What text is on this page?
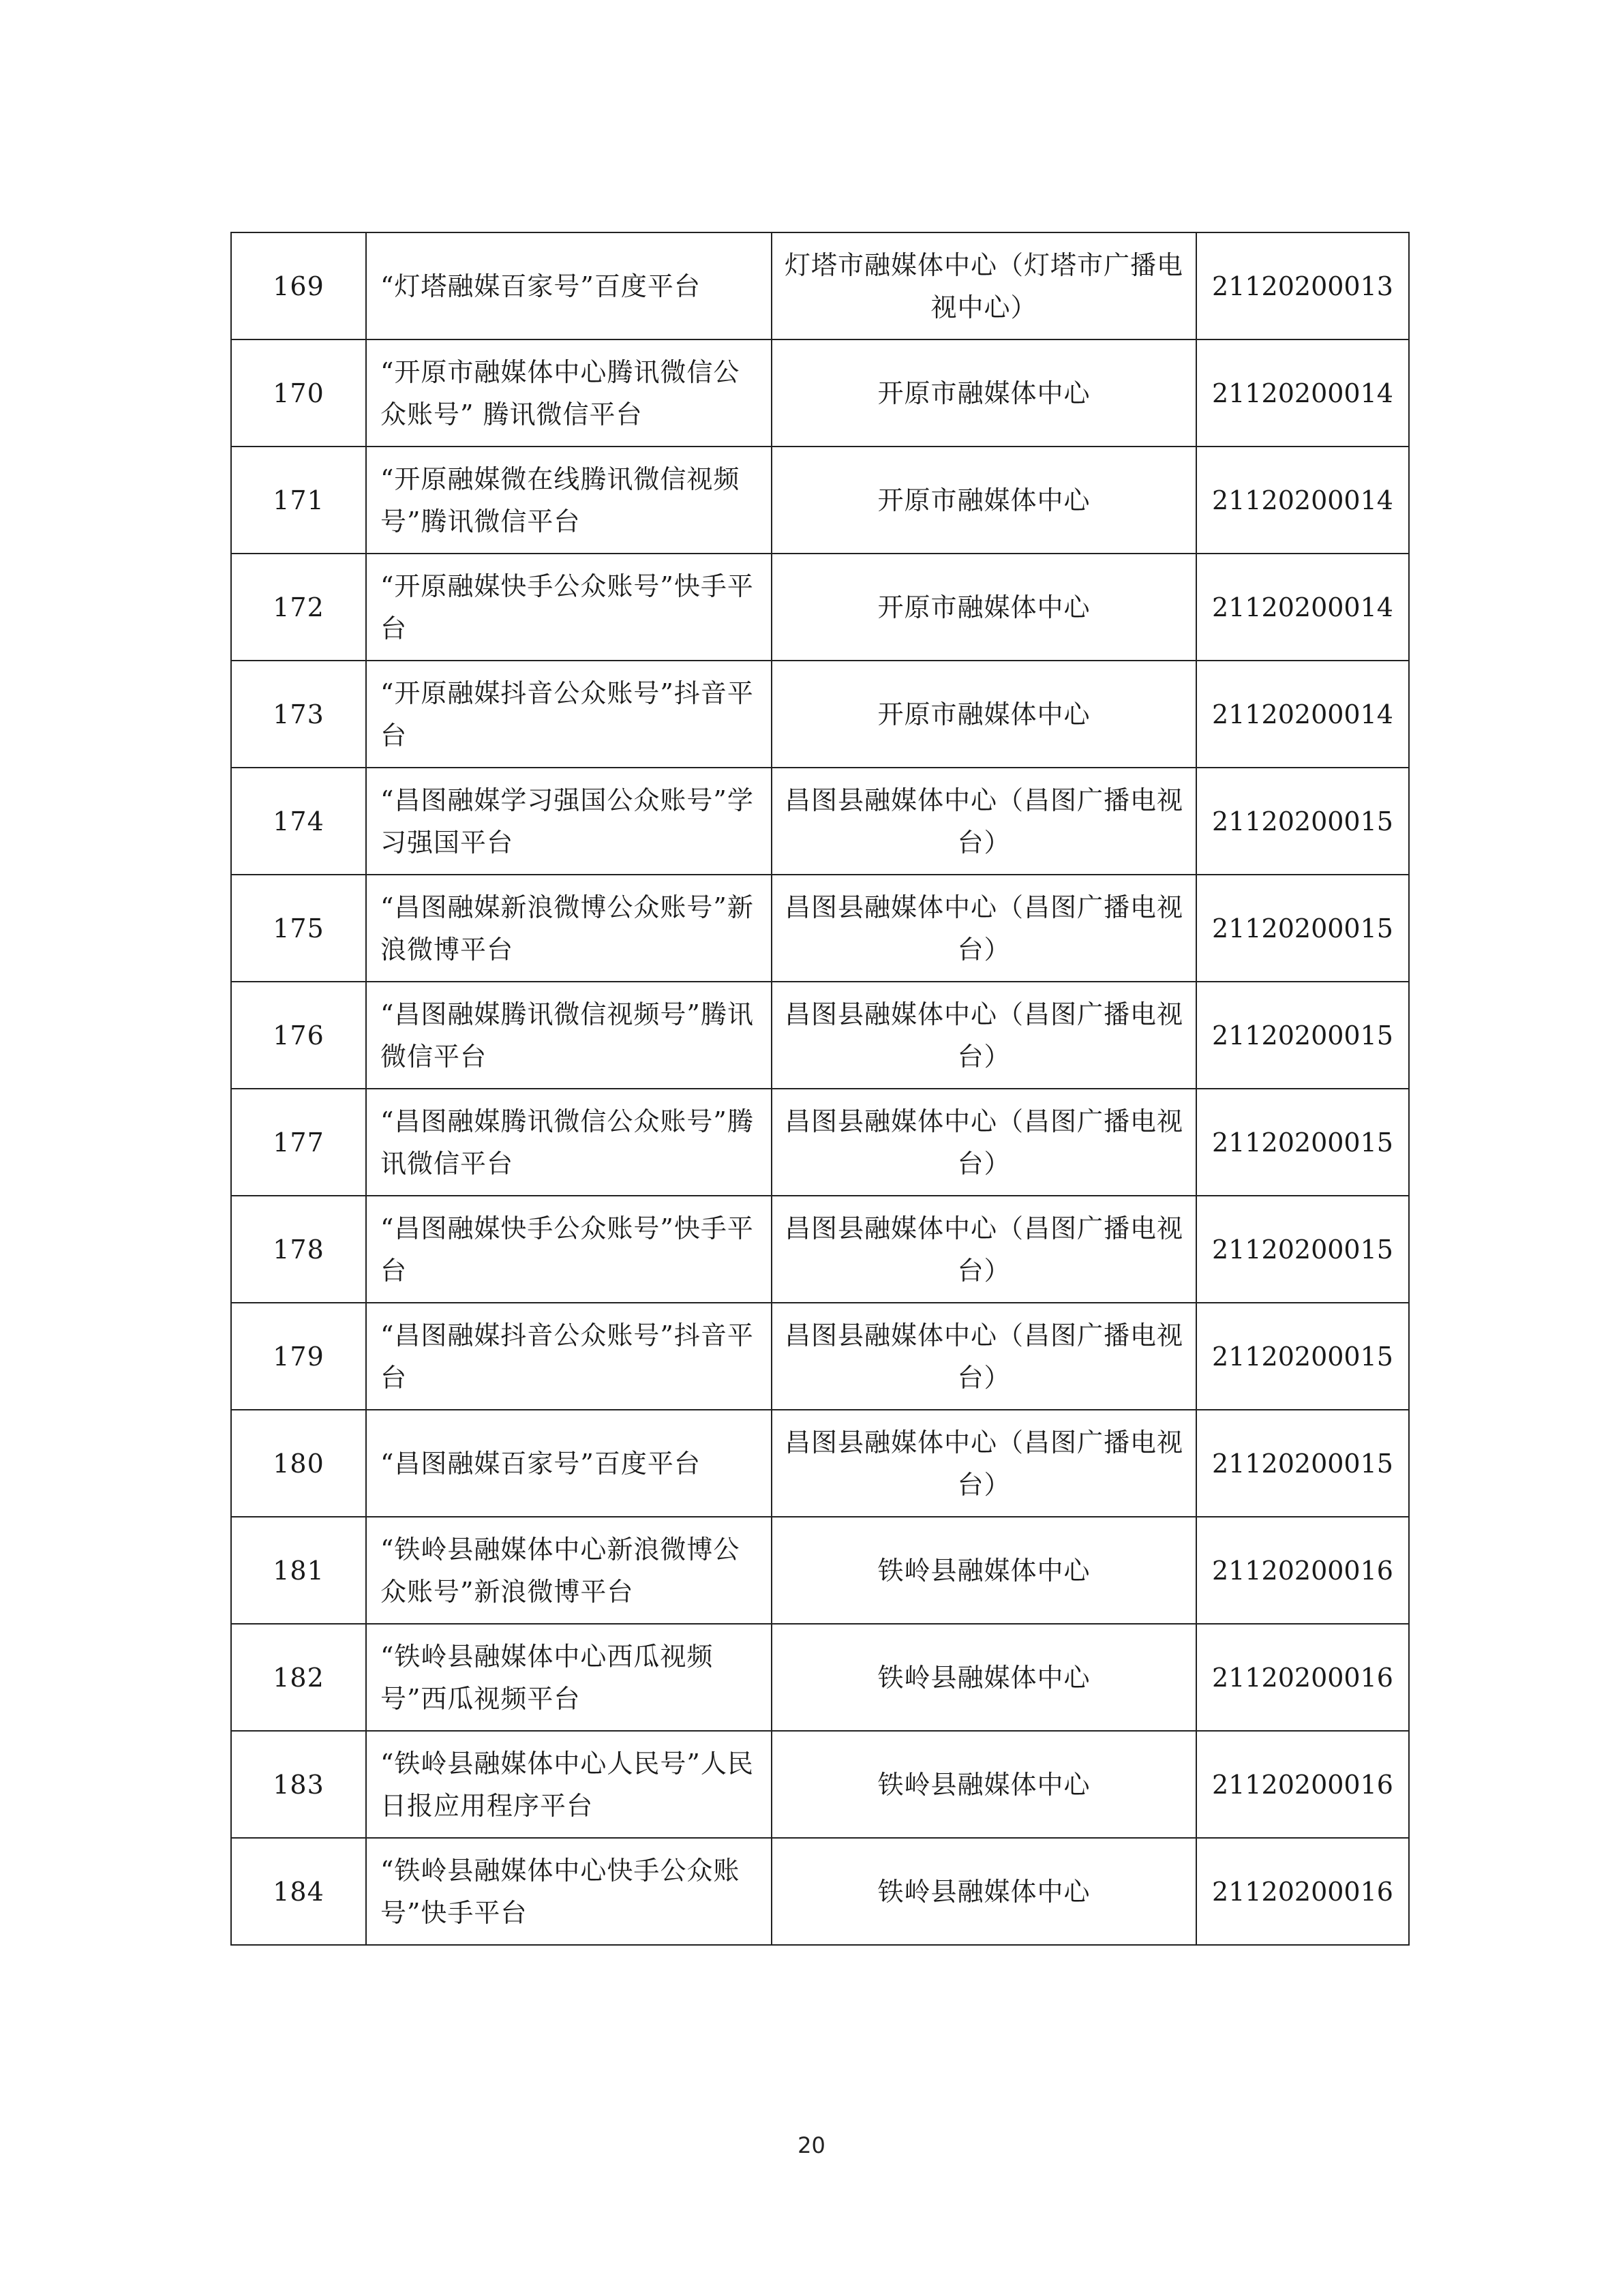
169	“灯塔融媒百家号”百度平台	灯塔市融媒体中心（灯塔市广播电视中心）	21120200013
170	“开原市融媒体中心腾讯微信公众账号” 腾讯微信平台	开原市融媒体中心	21120200014
171	“开原融媒微在线腾讯微信视频号”腾讯微信平台	开原市融媒体中心	21120200014
172	“开原融媒快手公众账号”快手平台	开原市融媒体中心	21120200014
173	“开原融媒抖音公众账号”抖音平台	开原市融媒体中心	21120200014
174	“昌图融媒学习强国公众账号”学习强国平台	昌图县融媒体中心（昌图广播电视台）	21120200015
175	“昌图融媒新浪微博公众账号”新浪微博平台	昌图县融媒体中心（昌图广播电视台）	21120200015
176	“昌图融媒腾讯微信视频号”腾讯微信平台	昌图县融媒体中心（昌图广播电视台）	21120200015
177	“昌图融媒腾讯微信公众账号”腾讯微信平台	昌图县融媒体中心（昌图广播电视台）	21120200015
178	“昌图融媒快手公众账号”快手平台	昌图县融媒体中心（昌图广播电视台）	21120200015
179	“昌图融媒抖音公众账号”抖音平台	昌图县融媒体中心（昌图广播电视台）	21120200015
180	“昌图融媒百家号”百度平台	昌图县融媒体中心（昌图广播电视台）	21120200015
181	“铁岭县融媒体中心新浪微博公众账号”新浪微博平台	铁岭县融媒体中心	21120200016
182	“铁岭县融媒体中心西瓜视频号”西瓜视频平台	铁岭县融媒体中心	21120200016
183	“铁岭县融媒体中心人民号”人民日报应用程序平台	铁岭县融媒体中心	21120200016
184	“铁岭县融媒体中心快手公众账号”快手平台	铁岭县融媒体中心	21120200016
20
